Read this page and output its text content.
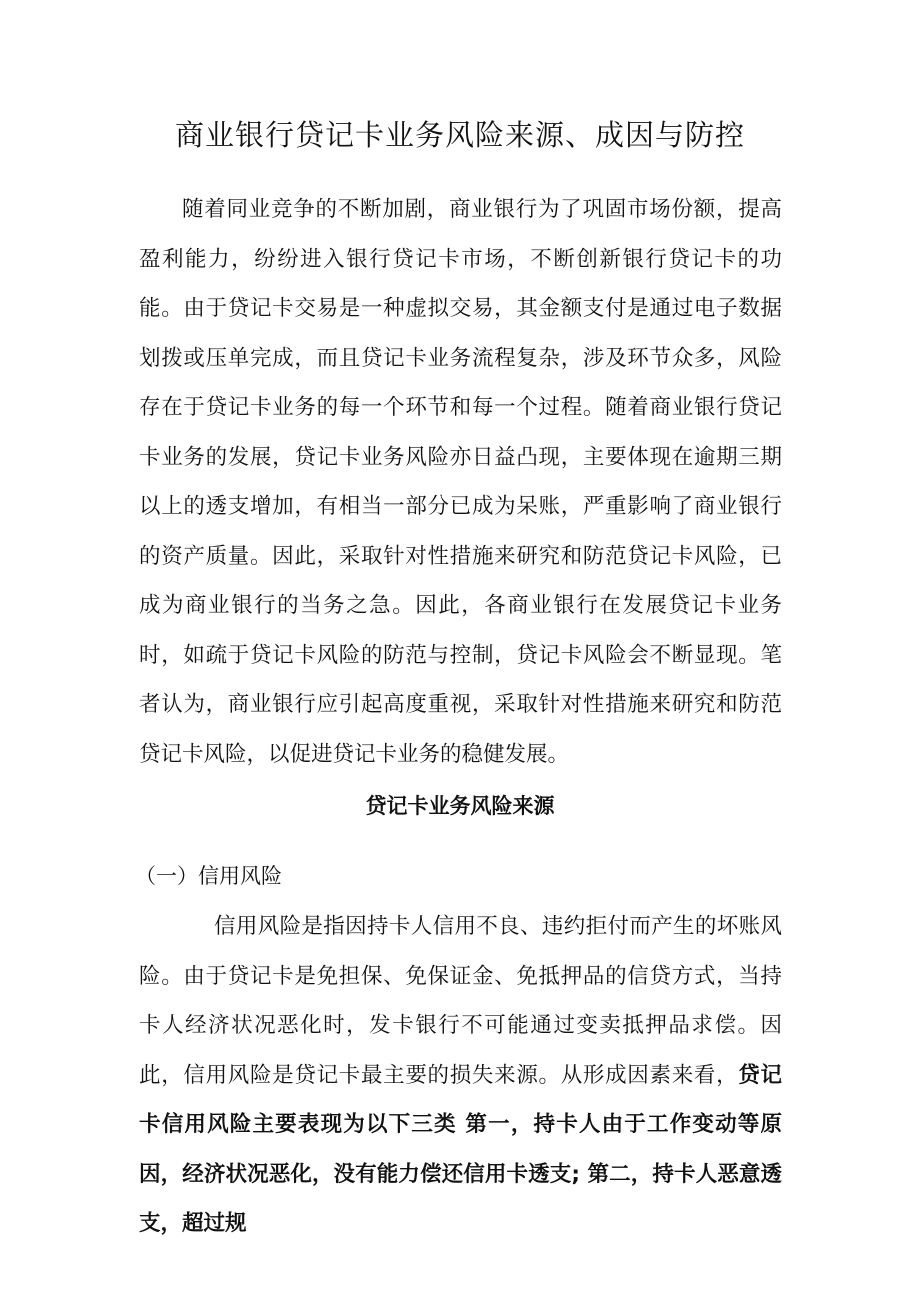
商业银行贷记卡业务风险来源、成因与防控

随着同业竞争的不断加剧，商业银行为了巩固市场份额，提高盈利能力，纷纷进入银行贷记卡市场，不断创新银行贷记卡的功能。由于贷记卡交易是一种虚拟交易，其金额支付是通过电子数据划拨或压单完成，而且贷记卡业务流程复杂，涉及环节众多，风险存在于贷记卡业务的每一个环节和每一个过程。随着商业银行贷记卡业务的发展，贷记卡业务风险亦日益凸现，主要体现在逾期三期以上的透支增加，有相当一部分已成为呆账，严重影响了商业银行的资产质量。因此，采取针对性措施来研究和防范贷记卡风险，已成为商业银行的当务之急。因此，各商业银行在发展贷记卡业务时，如疏于贷记卡风险的防范与控制，贷记卡风险会不断显现。笔者认为，商业银行应引起高度重视，采取针对性措施来研究和防范贷记卡风险，以促进贷记卡业务的稳健发展。

贷记卡业务风险来源
（一）信用风险

信用风险是指因持卡人信用不良、违约拒付而产生的坏账风险。由于贷记卡是免担保、免保证金、免抵押品的信贷方式，当持卡人经济状况恶化时，发卡银行不可能通过变卖抵押品求偿。因此，信用风险是贷记卡最主要的损失来源。从形成因素来看，贷记卡信用风险主要表现为以下三类 第一，持卡人由于工作变动等原因，经济状况恶化，没有能力偿还信用卡透支; 第二，持卡人恶意透支，超过规
